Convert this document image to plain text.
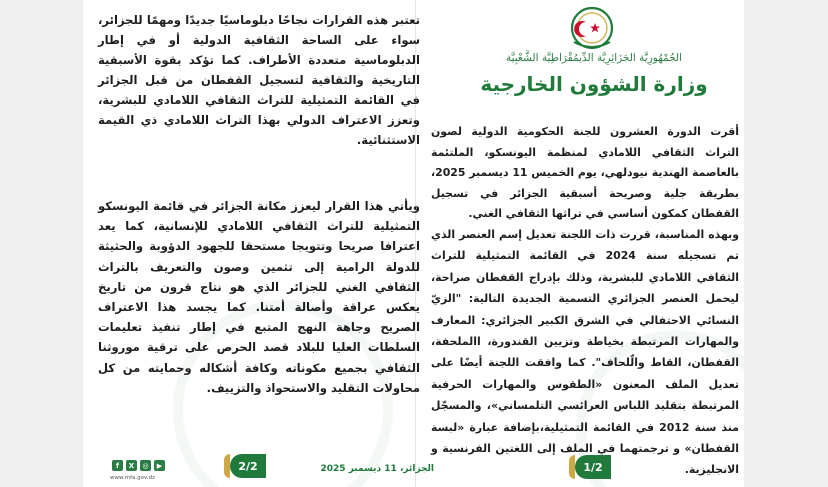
الجُمْهُورِيَّة الجَزَائِرِيَّة الدِّيمُقْرَاطِيَّة الشَّعْبِيَّة
وزارة الشؤون الخارجية

أقرت الدورة العشرون للجنة الحكومية الدولية لصون التراث الثقافي اللامادي لمنظمة اليونسكو، الملتئمة بالعاصمة الهندية نيودلهي، يوم الخميس 11 ديسمبر 2025، بطريقة جلية وصريحة أسبقية الجزائر في تسجيل القفطان كمكون أساسي في تراثها الثقافي الغني.

وبهذه المناسبة، قررت ذات اللجنة تعديل إسم العنصر الذي تم تسجيله سنة 2024 في القائمة التمثيلية للتراث الثقافي اللامادي للبشرية، وذلك بإدراج القفطان صراحة، ليحمل العنصر الجزائري التسمية الجديدة التالية: "الزيّ النسائي الاحتفالي في الشرق الكبير الجزائري: المعارف والمهارات المرتبطة بخياطة وتزيين القندورة، االملحفة، القفطان، القاط والّلحاف". كما وافقت اللجنة أيضًا على تعديل الملف المعنون «الطقوس والمهارات الحرفية المرتبطة بتقليد اللباس العرائسي التلمساني»، والمسجّل منذ سنة 2012 في القائمة التمثيلية،بإضافة عبارة «لبسة القفطان» و ترجمتهما في الملف إلى اللغتين الفرنسية و الانجليزية.

تعتبر هذه القرارات نجاحًا دبلوماسيًا جديدًا ومهمًا للجزائر، سواء على الساحة الثقافية الدولية أو في إطار الدبلوماسية متعددة الأطراف. كما تؤكد بقوة الأسبقية التاريخية والثقافية لتسجيل القفطان من قبل الجزائر في القائمة التمثيلية للتراث الثقافي اللامادي للبشرية، وتعزز الاعتراف الدولي بهذا التراث اللامادي ذي القيمة الاستثنائية.

ويأتي هذا القرار ليعزز مكانة الجزائر في قائمة اليونسكو التمثيلية للتراث الثقافي اللامادي للإنسانية، كما يعد اعترافا صريحا وتتويجا مستحقا للجهود الدؤوبة والحثيثة للدولة الرامية إلى تثمين وصون والتعريف بالتراث الثقافي الغني للجزائر الذي هو نتاج قرون من تاريخ يعكس عراقة وأصالة أمتنا. كما يجسد هذا الاعتراف الصريح وجاهة النهج المتبع في إطار تنفيذ تعليمات السلطات العليا للبلاد قصد الحرص على ترقية موروثنا الثقافي بجميع مكوناته وكافة أشكاله وحمايته من كل محاولات التقليد والاستحواذ والتزييف.

2/2	1/2
الجزائر، 11 ديسمبر 2025
f	X	◎	▶
www.mfa.gov.dz
